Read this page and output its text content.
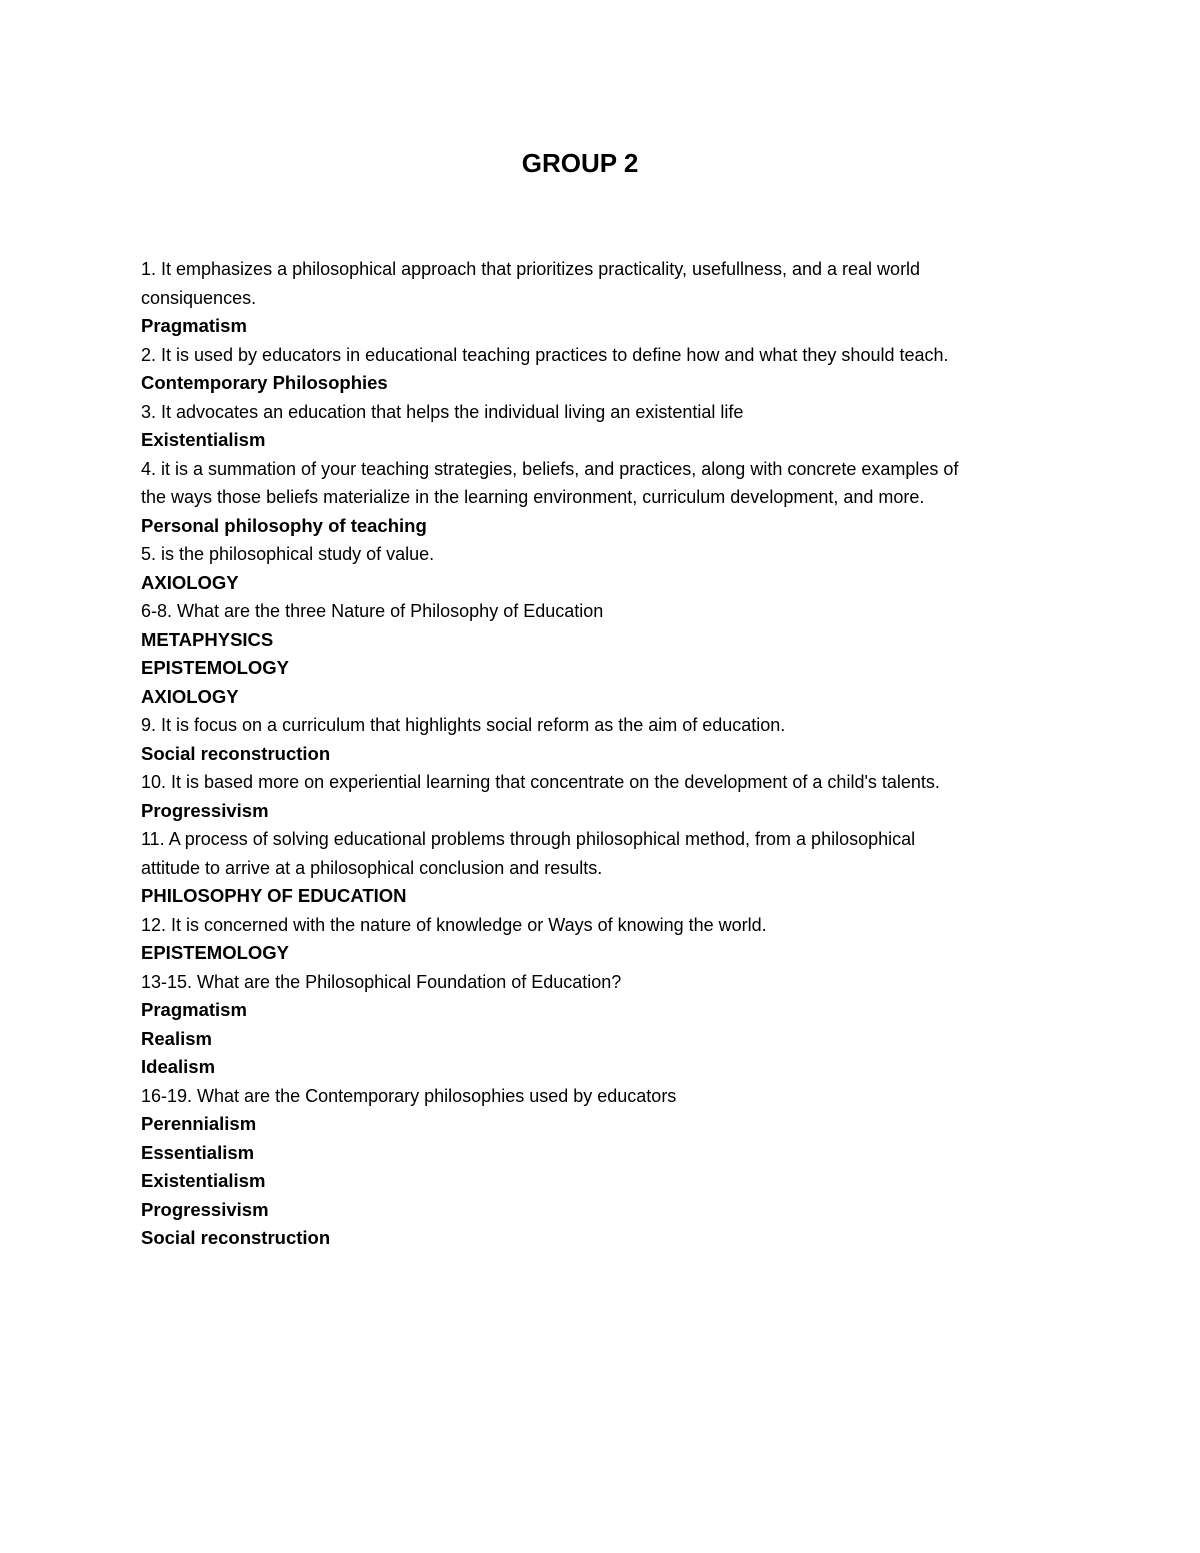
GROUP 2
1. It emphasizes a philosophical approach that prioritizes practicality, usefullness, and a real world
consiquences.
Pragmatism
2. It is used by educators in educational teaching practices to define how and what they should teach.
Contemporary Philosophies
3. It advocates an education that helps the individual living an existential life
Existentialism
4. it is a summation of your teaching strategies, beliefs, and practices, along with concrete examples of
the ways those beliefs materialize in the learning environment, curriculum development, and more.
Personal philosophy of teaching
5. is the philosophical study of value.
AXIOLOGY
6-8. What are the three Nature of Philosophy of Education
METAPHYSICS
EPISTEMOLOGY
AXIOLOGY
9. It is focus on a curriculum that highlights social reform as the aim of education.
Social reconstruction
10. It is based more on experiential learning that concentrate on the development of a child's talents.
Progressivism
11. A process of solving educational problems through philosophical method, from a philosophical
attitude to arrive at a philosophical conclusion and results.
PHILOSOPHY OF EDUCATION
12. It is concerned with the nature of knowledge or Ways of knowing the world.
EPISTEMOLOGY
13-15. What are the Philosophical Foundation of Education?
Pragmatism
Realism
Idealism
16-19. What are the Contemporary philosophies used by educators
Perennialism
Essentialism
Existentialism
Progressivism
Social reconstruction
